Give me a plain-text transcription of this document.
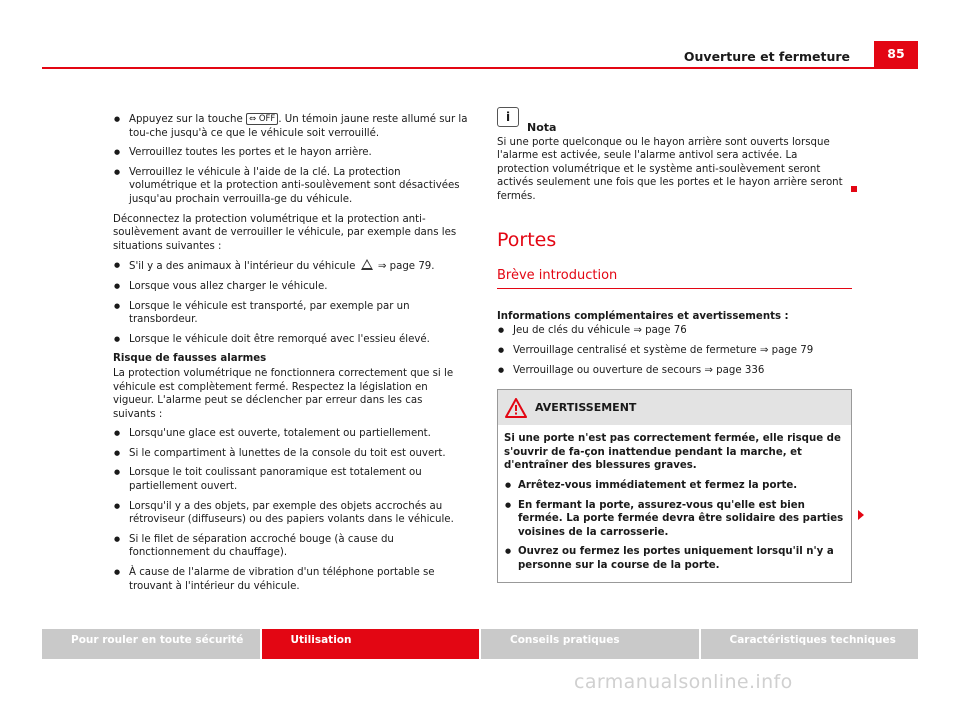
Ouverture et fermeture	85
● Appuyez sur la touche ⇔ OFF . Un témoin jaune reste allumé sur la tou-che jusqu'à ce que le véhicule soit verrouillé.
● Verrouillez toutes les portes et le hayon arrière.
● Verrouillez le véhicule à l'aide de la clé. La protection volumétrique et la protection anti-soulèvement sont désactivées jusqu'au prochain verrouilla-ge du véhicule.

Déconnectez la protection volumétrique et la protection anti-soulèvement avant de verrouiller le véhicule, par exemple dans les situations suivantes :

● S'il y a des animaux à l'intérieur du véhicule ⇒ page 79.
● Lorsque vous allez charger le véhicule.
● Lorsque le véhicule est transporté, par exemple par un transbordeur.
● Lorsque le véhicule doit être remorqué avec l'essieu élevé.
Risque de fausses alarmes

La protection volumétrique ne fonctionnera correctement que si le véhicule est complètement fermé. Respectez la législation en vigueur. L'alarme peut se déclencher par erreur dans les cas suivants :

● Lorsqu'une glace est ouverte, totalement ou partiellement.
● Si le compartiment à lunettes de la console du toit est ouvert.
● Lorsque le toit coulissant panoramique est totalement ou partiellement ouvert.
● Lorsqu'il y a des objets, par exemple des objets accrochés au rétroviseur (diffuseurs) ou des papiers volants dans le véhicule.
● Si le filet de séparation accroché bouge (à cause du fonctionnement du chauffage).
● À cause de l'alarme de vibration d'un téléphone portable se trouvant à l'intérieur du véhicule.
i
Nota

Si une porte quelconque ou le hayon arrière sont ouverts lorsque l'alarme est activée, seule l'alarme antivol sera activée. La protection volumétrique et le système anti-soulèvement seront activés seulement une fois que les portes et le hayon arrière seront fermés.

Portes
Brève introduction
Informations complémentaires et avertissements :
● Jeu de clés du véhicule ⇒ page 76
● Verrouillage centralisé et système de fermeture ⇒ page 79
● Verrouillage ou ouverture de secours ⇒ page 336
AVERTISSEMENT

Si une porte n'est pas correctement fermée, elle risque de s'ouvrir de fa-çon inattendue pendant la marche, et d'entraîner des blessures graves.

● Arrêtez-vous immédiatement et fermez la porte.
● En fermant la porte, assurez-vous qu'elle est bien fermée. La porte fermée devra être solidaire des parties voisines de la carrosserie.
● Ouvrez ou fermez les portes uniquement lorsqu'il n'y a personne sur la course de la porte.
Pour rouler en toute sécurité	Utilisation	Conseils pratiques	Caractéristiques techniques
carmanualsonline.info
